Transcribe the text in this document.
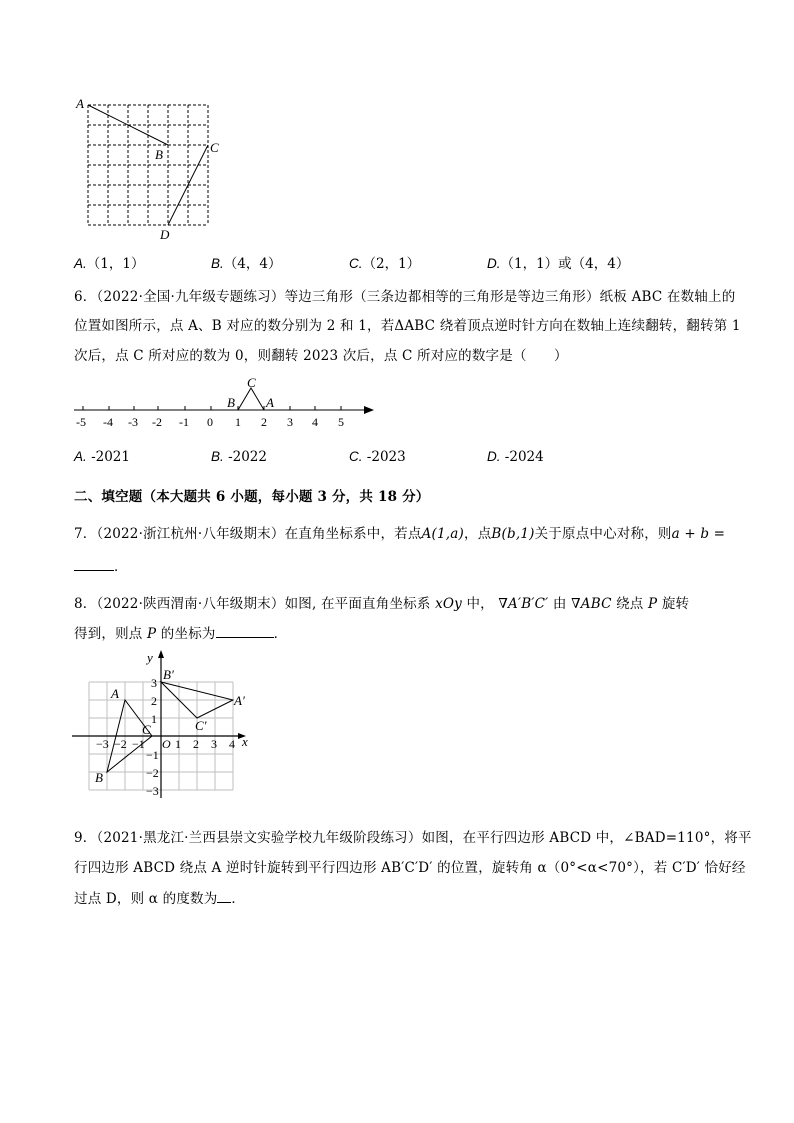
A
B	C
D
A.（1，1）	B.（4，4）	C.（2，1）	D.（1，1）或（4，4）
6．（2022·全国·九年级专题练习）等边三角形（三条边都相等的三角形是等边三角形）纸板 ABC 在数轴上的
位置如图所示，点 A、B 对应的数分别为 2 和 1，若ΔABC 绕着顶点逆时针方向在数轴上连续翻转，翻转第 1
次后，点 C 所对应的数为 0，则翻转 2023 次后，点 C 所对应的数字是（　　）
B
C
A
-5 -4 -3 -2 -1 0 1 2 3 4 5
A. -2021	B. -2022	C. -2023	D. -2024
二、填空题（本大题共 6 小题，每小题 3 分，共 18 分）
7．（2022·浙江杭州·八年级期末）在直角坐标系中，若点A(1,a)，点B(b,1)关于原点中心对称，则a + b =
．
8．（2022·陕西渭南·八年级期末）如图, 在平面直角坐标系 xOy 中， ∇A′B′C′ 由 ∇ABC 绕点 P 旋转
得到，则点 P 的坐标为	．
y
x
O
−3 −2 −1	1 2 3 4
3
2
1
−1
−2
−3
A
B
C
A′
B′
C′
9．（2021·黑龙江·兰西县崇文实验学校九年级阶段练习）如图，在平行四边形 ABCD 中，∠BAD=110°，将平
行四边形 ABCD 绕点 A 逆时针旋转到平行四边形 AB′C′D′ 的位置，旋转角 α（0°<α<70°），若 C′D′ 恰好经
过点 D，则 α 的度数为 ．
